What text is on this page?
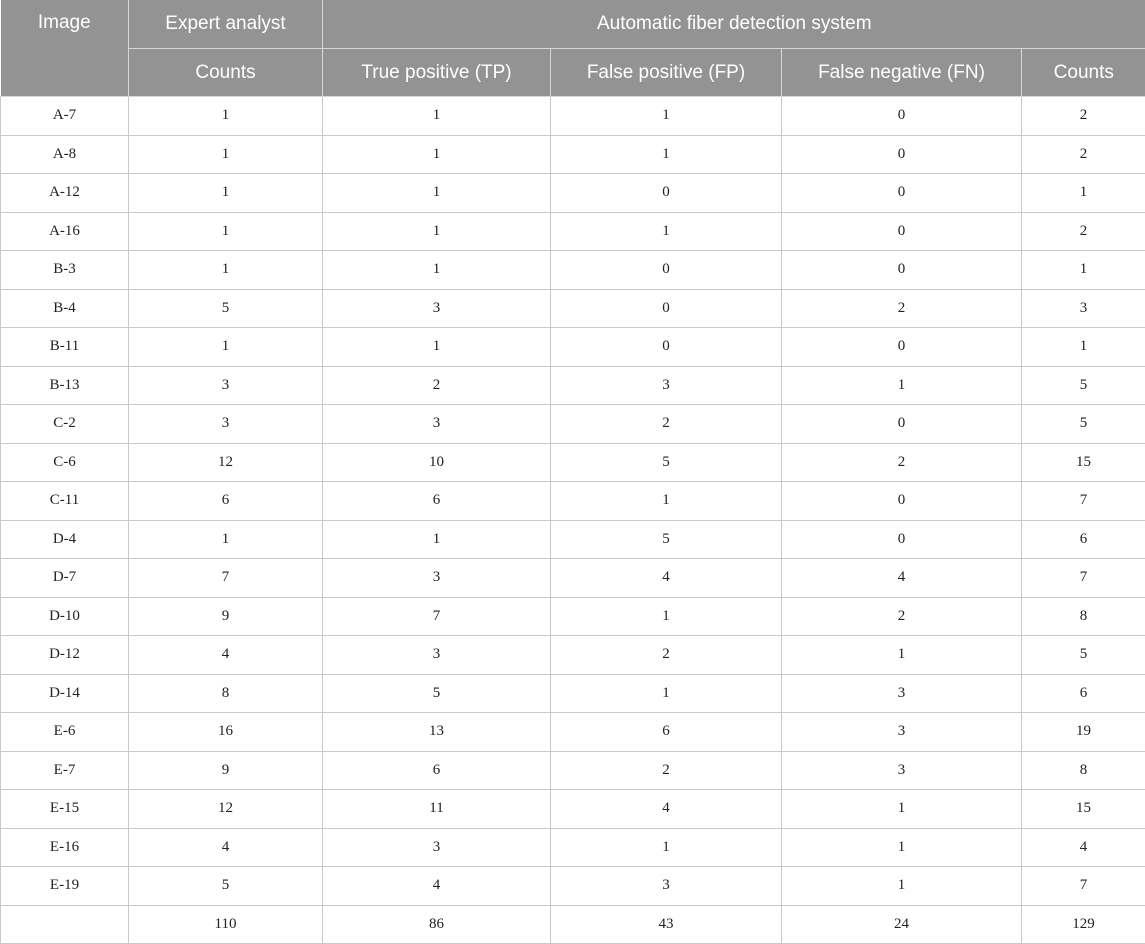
Image	Expert analyst	Automatic fiber detection system			
	Counts	True positive (TP)	False positive (FP)	False negative (FN)	Counts
A-7	1	1	1	0	2
A-8	1	1	1	0	2
A-12	1	1	0	0	1
A-16	1	1	1	0	2
B-3	1	1	0	0	1
B-4	5	3	0	2	3
B-11	1	1	0	0	1
B-13	3	2	3	1	5
C-2	3	3	2	0	5
C-6	12	10	5	2	15
C-11	6	6	1	0	7
D-4	1	1	5	0	6
D-7	7	3	4	4	7
D-10	9	7	1	2	8
D-12	4	3	2	1	5
D-14	8	5	1	3	6
E-6	16	13	6	3	19
E-7	9	6	2	3	8
E-15	12	11	4	1	15
E-16	4	3	1	1	4
E-19	5	4	3	1	7
	110	86	43	24	129
